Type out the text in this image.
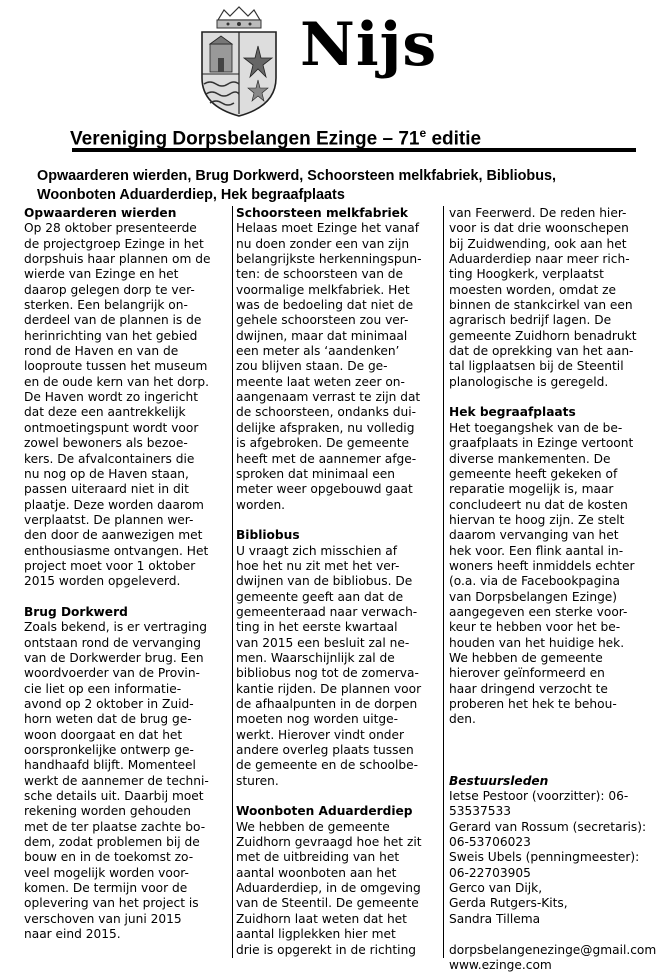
Nijs
Vereniging Dorpsbelangen Ezinge – 71e editie
Opwaarderen wierden, Brug Dorkwerd, Schoorsteen melkfabriek, Bibliobus,
Woonboten Aduarderdiep, Hek begraafplaats
Opwaarderen wierden
Op 28 oktober presenteerde
de projectgroep Ezinge in het
dorpshuis haar plannen om de
wierde van Ezinge en het
daarop gelegen dorp te ver-
sterken. Een belangrijk on-
derdeel van de plannen is de
herinrichting van het gebied
rond de Haven en van de
looproute tussen het museum
en de oude kern van het dorp.
De Haven wordt zo ingericht
dat deze een aantrekkelijk
ontmoetingspunt wordt voor
zowel bewoners als bezoe-
kers. De afvalcontainers die
nu nog op de Haven staan,
passen uiteraard niet in dit
plaatje. Deze worden daarom
verplaatst. De plannen wer-
den door de aanwezigen met
enthousiasme ontvangen. Het
project moet voor 1 oktober
2015 worden opgeleverd.
Brug Dorkwerd
Zoals bekend, is er vertraging
ontstaan rond de vervanging
van de Dorkwerder brug. Een
woordvoerder van de Provin-
cie liet op een informatie-
avond op 2 oktober in Zuid-
horn weten dat de brug ge-
woon doorgaat en dat het
oorspronkelijke ontwerp ge-
handhaafd blijft. Momenteel
werkt de aannemer de techni-
sche details uit. Daarbij moet
rekening worden gehouden
met de ter plaatse zachte bo-
dem, zodat problemen bij de
bouw en in de toekomst zo-
veel mogelijk worden voor-
komen. De termijn voor de
oplevering van het project is
verschoven van juni 2015
naar eind 2015.
Schoorsteen melkfabriek
Helaas moet Ezinge het vanaf
nu doen zonder een van zijn
belangrijkste herkenningspun-
ten: de schoorsteen van de
voormalige melkfabriek. Het
was de bedoeling dat niet de
gehele schoorsteen zou ver-
dwijnen, maar dat minimaal
een meter als ‘aandenken’
zou blijven staan. De ge-
meente laat weten zeer on-
aangenaam verrast te zijn dat
de schoorsteen, ondanks dui-
delijke afspraken, nu volledig
is afgebroken. De gemeente
heeft met de aannemer afge-
sproken dat minimaal een
meter weer opgebouwd gaat
worden.
Bibliobus
U vraagt zich misschien af
hoe het nu zit met het ver-
dwijnen van de bibliobus. De
gemeente geeft aan dat de
gemeenteraad naar verwach-
ting in het eerste kwartaal
van 2015 een besluit zal ne-
men. Waarschijnlijk zal de
bibliobus nog tot de zomerva-
kantie rijden. De plannen voor
de afhaalpunten in de dorpen
moeten nog worden uitge-
werkt. Hierover vindt onder
andere overleg plaats tussen
de gemeente en de schoolbe-
sturen.
Woonboten Aduarderdiep
We hebben de gemeente
Zuidhorn gevraagd hoe het zit
met de uitbreiding van het
aantal woonboten aan het
Aduarderdiep, in de omgeving
van de Steentil. De gemeente
Zuidhorn laat weten dat het
aantal ligplekken hier met
drie is opgerekt in de richting
van Feerwerd. De reden hier-
voor is dat drie woonschepen
bij Zuidwending, ook aan het
Aduarderdiep naar meer rich-
ting Hoogkerk, verplaatst
moesten worden, omdat ze
binnen de stankcirkel van een
agrarisch bedrijf lagen. De
gemeente Zuidhorn benadrukt
dat de oprekking van het aan-
tal ligplaatsen bij de Steentil
planologische is geregeld.
Hek begraafplaats
Het toegangshek van de be-
graafplaats in Ezinge vertoont
diverse mankementen. De
gemeente heeft gekeken of
reparatie mogelijk is, maar
concludeert nu dat de kosten
hiervan te hoog zijn. Ze stelt
daarom vervanging van het
hek voor. Een flink aantal in-
woners heeft inmiddels echter
(o.a. via de Facebookpagina
van Dorpsbelangen Ezinge)
aangegeven een sterke voor-
keur te hebben voor het be-
houden van het huidige hek.
We hebben de gemeente
hierover geïnformeerd en
haar dringend verzocht te
proberen het hek te behou-
den.
Bestuursleden
Ietse Pestoor (voorzitter): 06-
53537533
Gerard van Rossum (secretaris):
06-53706023
Sweis Ubels (penningmeester):
06-22703905
Gerco van Dijk,
Gerda Rutgers-Kits,
Sandra Tillema
dorpsbelangenezinge@gmail.com
www.ezinge.com
